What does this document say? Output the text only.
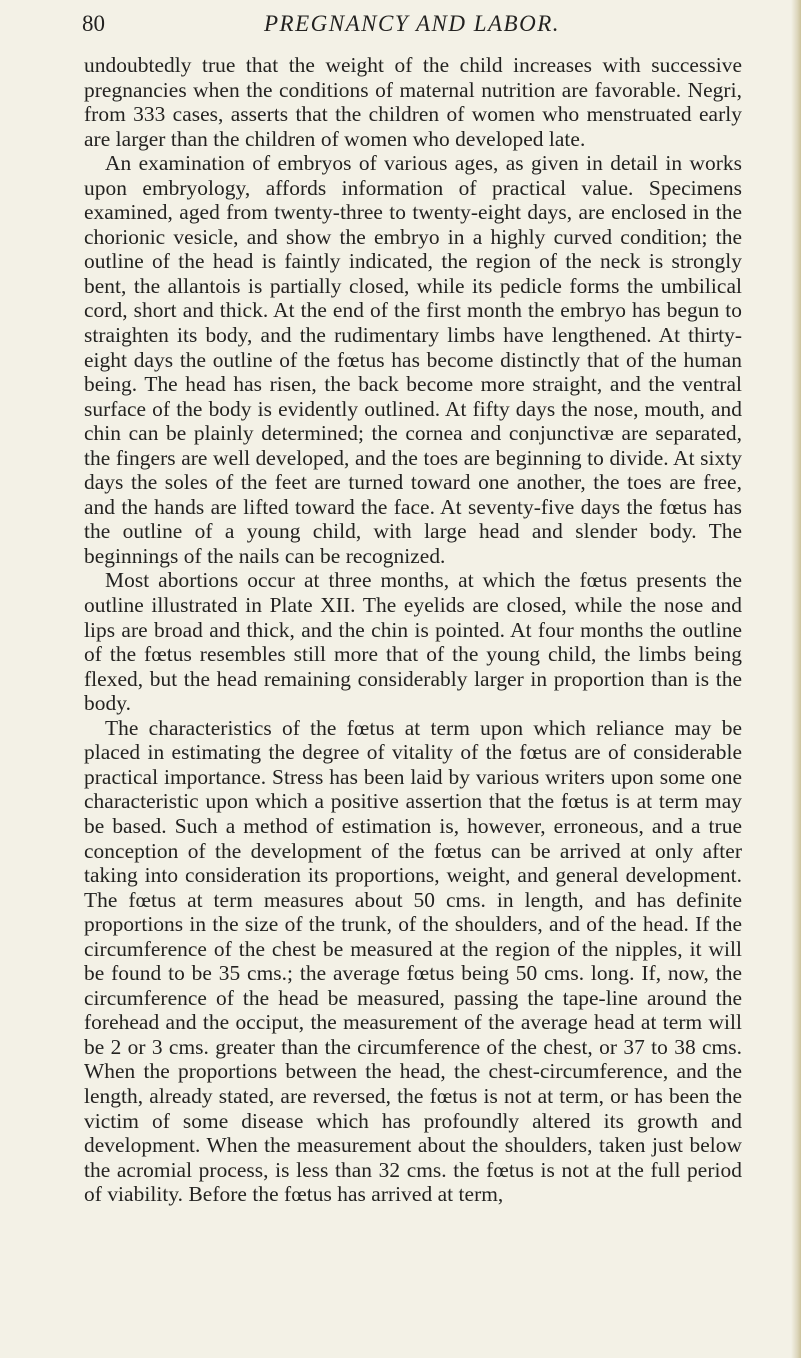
80	PREGNANCY AND LABOR.

undoubtedly true that the weight of the child increases with successive pregnancies when the conditions of maternal nutrition are favorable. Negri, from 333 cases, asserts that the children of women who menstruated early are larger than the children of women who developed late.

An examination of embryos of various ages, as given in detail in works upon embryology, affords information of practical value. Specimens examined, aged from twenty-three to twenty-eight days, are enclosed in the chorionic vesicle, and show the embryo in a highly curved condition; the outline of the head is faintly indicated, the region of the neck is strongly bent, the allantois is partially closed, while its pedicle forms the umbilical cord, short and thick. At the end of the first month the embryo has begun to straighten its body, and the rudimentary limbs have lengthened. At thirty-eight days the outline of the fœtus has become distinctly that of the human being. The head has risen, the back become more straight, and the ventral surface of the body is evidently outlined. At fifty days the nose, mouth, and chin can be plainly determined; the cornea and conjunctivæ are separated, the fingers are well developed, and the toes are beginning to divide. At sixty days the soles of the feet are turned toward one another, the toes are free, and the hands are lifted toward the face. At seventy-five days the fœtus has the outline of a young child, with large head and slender body. The beginnings of the nails can be recognized.

Most abortions occur at three months, at which the fœtus presents the outline illustrated in Plate XII. The eyelids are closed, while the nose and lips are broad and thick, and the chin is pointed. At four months the outline of the fœtus resembles still more that of the young child, the limbs being flexed, but the head remaining considerably larger in proportion than is the body.

The characteristics of the fœtus at term upon which reliance may be placed in estimating the degree of vitality of the fœtus are of considerable practical importance. Stress has been laid by various writers upon some one characteristic upon which a positive assertion that the fœtus is at term may be based. Such a method of estimation is, however, erroneous, and a true conception of the development of the fœtus can be arrived at only after taking into consideration its proportions, weight, and general development. The fœtus at term measures about 50 cms. in length, and has definite proportions in the size of the trunk, of the shoulders, and of the head. If the circumference of the chest be measured at the region of the nipples, it will be found to be 35 cms.; the average fœtus being 50 cms. long. If, now, the circumference of the head be measured, passing the tape-line around the forehead and the occiput, the measurement of the average head at term will be 2 or 3 cms. greater than the circumference of the chest, or 37 to 38 cms. When the proportions between the head, the chest-circumference, and the length, already stated, are reversed, the fœtus is not at term, or has been the victim of some disease which has profoundly altered its growth and development. When the measurement about the shoulders, taken just below the acromial process, is less than 32 cms. the fœtus is not at the full period of viability. Before the fœtus has arrived at term,
